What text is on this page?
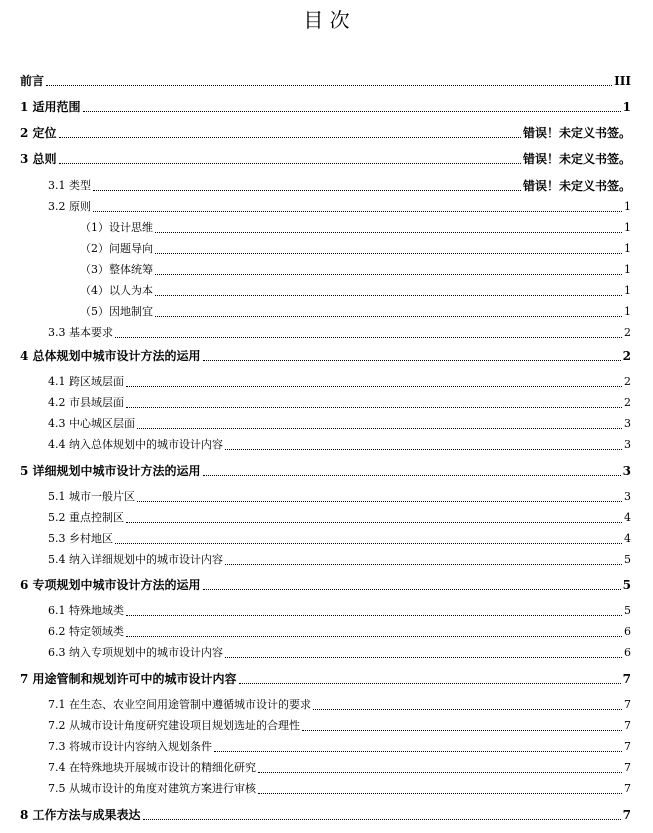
目 次
前言	III
1 适用范围	1
2 定位	错误！未定义书签。
3 总则	错误！未定义书签。
3.1 类型	错误！未定义书签。
3.2 原则	1
（1）设计思维	1
（2）问题导向	1
（3）整体统筹	1
（4）以人为本	1
（5）因地制宜	1
3.3 基本要求	2
4 总体规划中城市设计方法的运用	2
4.1 跨区域层面	2
4.2 市县域层面	2
4.3 中心城区层面	3
4.4 纳入总体规划中的城市设计内容	3
5 详细规划中城市设计方法的运用	3
5.1 城市一般片区	3
5.2 重点控制区	4
5.3 乡村地区	4
5.4 纳入详细规划中的城市设计内容	5
6 专项规划中城市设计方法的运用	5
6.1 特殊地域类	5
6.2 特定领域类	6
6.3 纳入专项规划中的城市设计内容	6
7 用途管制和规划许可中的城市设计内容	7
7.1 在生态、农业空间用途管制中遵循城市设计的要求	7
7.2 从城市设计角度研究建设项目规划选址的合理性	7
7.3 将城市设计内容纳入规划条件	7
7.4 在特殊地块开展城市设计的精细化研究	7
7.5 从城市设计的角度对建筑方案进行审核	7
8 工作方法与成果表达	7
